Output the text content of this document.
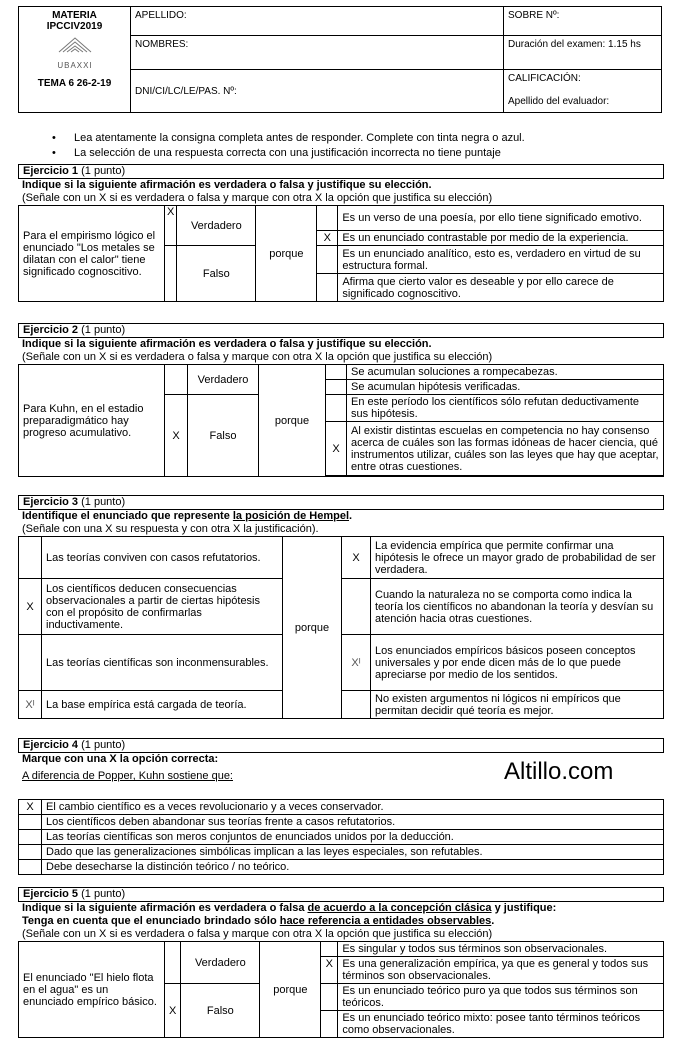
MATERIA
IPCCIV2019
UBAXXI
TEMA 6 26-2-19	APELLIDO:	SOBRE Nº:
	NOMBRES:	Duración del examen: 1.15 hs
	DNI/CI/LC/LE/PAS. Nº:	CALIFICACIÓN:
Apellido del evaluador:
•	Lea atentamente la consigna completa antes de responder. Complete con tinta negra o azul.
•	La selección de una respuesta correcta con una justificación incorrecta no tiene puntaje
Ejercicio 1 (1 punto)
Indique si la siguiente afirmación es verdadera o falsa y justifique su elección.
(Señale con un X si es verdadera o falsa y marque con otra X la opción que justifica su elección)
Para el empirismo lógico el enunciado "Los metales se dilatan con el calor" tiene significado cognoscitivo.	X	Verdadero	porque		Es un verso de una poesía, por ello tiene significado emotivo.
				X	Es un enunciado contrastable por medio de la experiencia.
		Falso			Es un enunciado analítico, esto es, verdadero en virtud de su estructura formal.
					Afirma que cierto valor es deseable y por ello carece de significado cognoscitivo.
Ejercicio 2 (1 punto)
Indique si la siguiente afirmación es verdadera o falsa y justifique su elección.
(Señale con un X si es verdadera o falsa y marque con otra X la opción que justifica su elección)
Para Kuhn, en el estadio preparadigmático hay progreso acumulativo.		Verdadero	porque		Se acumulan soluciones a rompecabezas.
					Se acumulan hipótesis verificadas.
	X	Falso			En este período los científicos sólo refutan deductivamente sus hipótesis.
				X	Al existir distintas escuelas en competencia no hay consenso acerca de cuáles son las formas idóneas de hacer ciencia, qué instrumentos utilizar, cuáles son las leyes que hay que aceptar, entre otras cuestiones.

Ejercicio 3 (1 punto)
Identifique el enunciado que represente la posición de Hempel.
(Señale con una X su respuesta y con otra X la justificación).
	Las teorías conviven con casos refutatorios.	porque	X	La evidencia empírica que permite confirmar una hipótesis le ofrece un mayor grado de probabilidad de ser verdadera.
X	Los científicos deducen consecuencias observacionales a partir de ciertas hipótesis con el propósito de confirmarlas inductivamente.			Cuando la naturaleza no se comporta como indica la teoría los científicos no abandonan la teoría y desvían su atención hacia otras cuestiones.
	Las teorías científicas son inconmensurables.		Xᴵ	Los enunciados empíricos básicos poseen conceptos universales y por ende dicen más de lo que puede apreciarse por medio de los sentidos.
Xᴵ	La base empírica está cargada de teoría.			No existen argumentos ni lógicos ni empíricos que permitan decidir qué teoría es mejor.
Ejercicio 4 (1 punto)
Marque con una X la opción correcta:
A diferencia de Popper, Kuhn sostiene que:
X	El cambio científico es a veces revolucionario y a veces conservador.
	Los científicos deben abandonar sus teorías frente a casos refutatorios.
	Las teorías científicas son meros conjuntos de enunciados unidos por la deducción.
	Dado que las generalizaciones simbólicas implican a las leyes especiales, son refutables.
	Debe desecharse la distinción teórico / no teórico.
Altillo.com
Ejercicio 5 (1 punto)
Indique si la siguiente afirmación es verdadera o falsa de acuerdo a la concepción clásica y justifique:
Tenga en cuenta que el enunciado brindado sólo hace referencia a entidades observables.
(Señale con un X si es verdadera o falsa y marque con otra X la opción que justifica su elección)
El enunciado "El hielo flota en el agua" es un enunciado empírico básico.		Verdadero	porque		Es singular y todos sus términos son observacionales.
				X	Es una generalización empírica, ya que es general y todos sus términos son observacionales.
	X	Falso			Es un enunciado teórico puro ya que todos sus términos son teóricos.
					Es un enunciado teórico mixto: posee tanto términos teóricos como observacionales.
